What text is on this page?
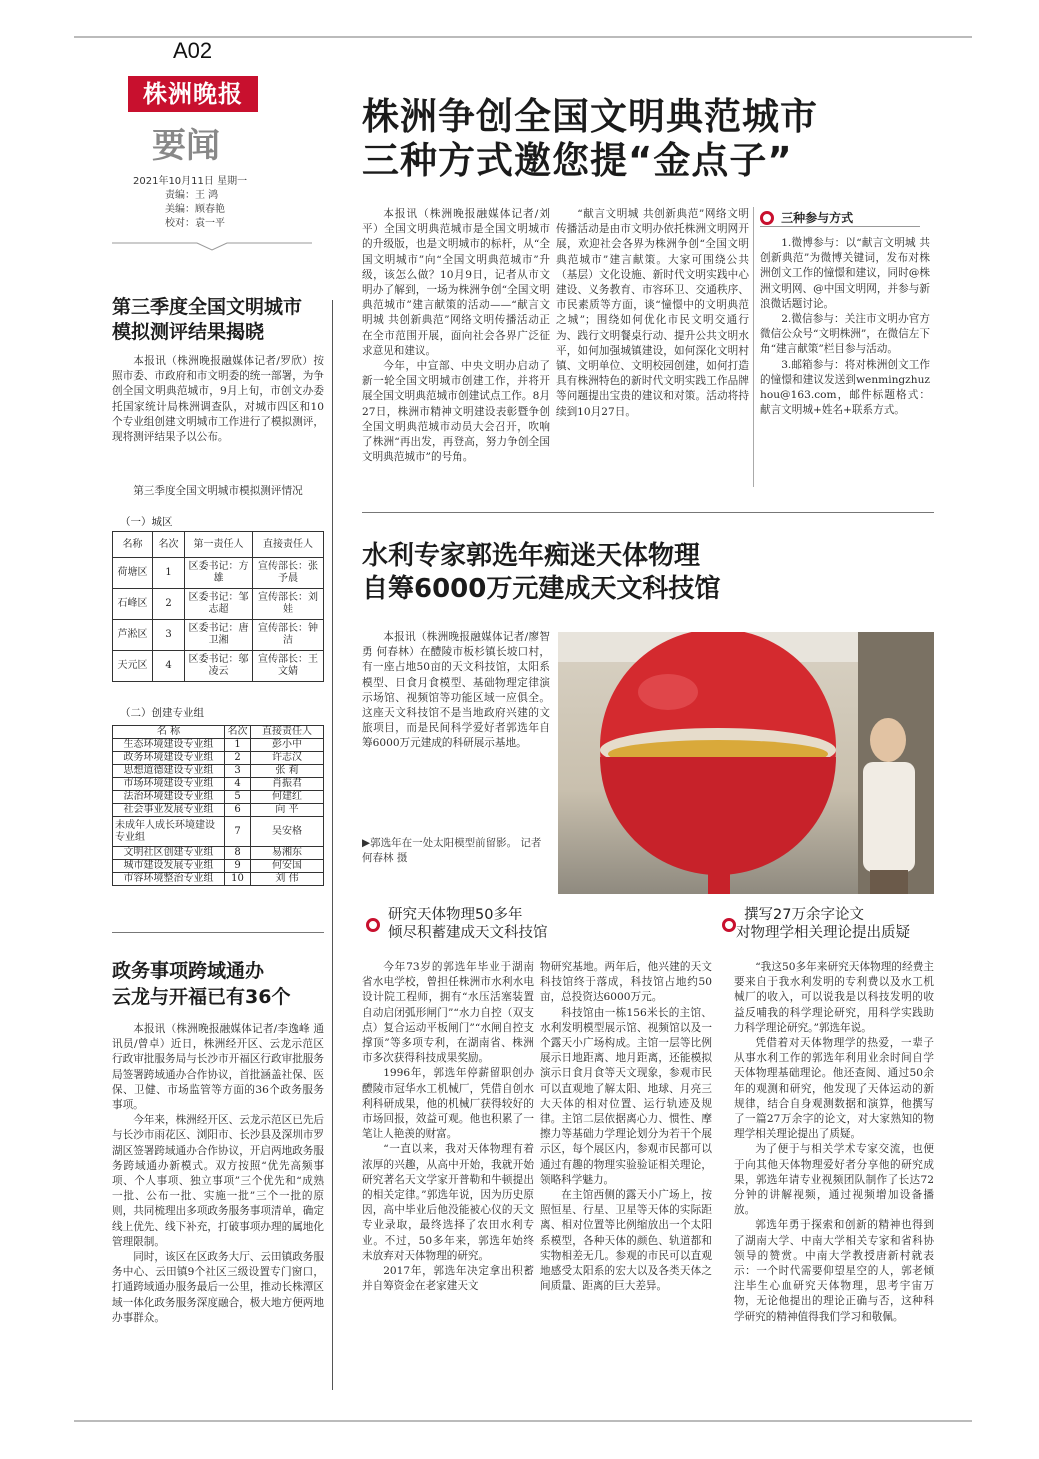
A02
株洲晚报
要闻
2021年10月11日 星期一
责编：王 鸿
美编：顾春艳
校对：袁一平
株洲争创全国文明典范城市
三种方式邀您提“金点子”

本报讯（株洲晚报融媒体记者/刘平）全国文明典范城市是全国文明城市的升级版，也是文明城市的标杆，从“全国文明城市”向“全国文明典范城市”升级，该怎么做？10月9日，记者从市文明办了解到，一场为株洲争创“全国文明典范城市”建言献策的活动——“献言文明城 共创新典范”网络文明传播活动正在全市范围开展，面向社会各界广泛征求意见和建议。

今年，中宣部、中央文明办启动了新一轮全国文明城市创建工作，并将开展全国文明典范城市创建试点工作。8月27日，株洲市精神文明建设表彰暨争创全国文明典范城市动员大会召开，吹响了株洲“再出发，再登高，努力争创全国文明典范城市”的号角。

“献言文明城 共创新典范”网络文明传播活动是由市文明办依托株洲文明网开展，欢迎社会各界为株洲争创“全国文明典范城市”建言献策。大家可围绕公共（基层）文化设施、新时代文明实践中心建设、义务教育、市容环卫、交通秩序、市民素质等方面，谈“憧憬中的文明典范之城”；围绕如何优化市民文明交通行为、践行文明餐桌行动、提升公共文明水平，如何加强城镇建设，如何深化文明村镇、文明单位、文明校园创建，如何打造具有株洲特色的新时代文明实践工作品牌等问题提出宝贵的建议和对策。活动将持续到10月27日。

三种参与方式

1.微博参与：以“献言文明城 共创新典范”为微博关键词，发布对株洲创文工作的憧憬和建议，同时@株洲文明网、@中国文明网，并参与新浪微话题讨论。

2.微信参与：关注市文明办官方微信公众号“文明株洲”，在微信左下角“建言献策”栏目参与活动。

3.邮箱参与：将对株洲创文工作的憧憬和建议发送到wenmingzhuzhou@163.com，邮件标题格式：献言文明城+姓名+联系方式。

第三季度全国文明城市
模拟测评结果揭晓
本报讯（株洲晚报融媒体记者/罗欣）按照市委、市政府和市文明委的统一部署，为争创全国文明典范城市，9月上旬，市创文办委托国家统计局株洲调查队，对城市四区和10个专业组创建文明城市工作进行了模拟测评，现将测评结果予以公布。
第三季度全国文明城市模拟测评情况
（一）城区
名称	名次	第一责任人	直接责任人
荷塘区	1	区委书记：方 雄	宣传部长：张予晨
石峰区	2	区委书记：邹志超	宣传部长：刘 娃
芦淞区	3	区委书记：唐卫湘	宣传部长：钟 洁
天元区	4	区委书记：邬凌云	宣传部长：王文婧
（二）创建专业组
名 称	名次	直接责任人
生态环境建设专业组	1	彭小中
政务环境建设专业组	2	许志汉
思想道德建设专业组	3	张 莉
市场环境建设专业组	4	肖振君
法治环境建设专业组	5	何建红
社会事业发展专业组	6	向 平
未成年人成长环境建设专业组	7	吴安格
文明社区创建专业组	8	易湘东
城市建设发展专业组	9	何安国
市容环境整治专业组	10	刘 伟
政务事项跨域通办
云龙与开福已有36个

本报讯（株洲晚报融媒体记者/李逸峰 通讯员/曾卓）近日，株洲经开区、云龙示范区行政审批服务局与长沙市开福区行政审批服务局签署跨域通办合作协议，首批涵盖社保、医保、卫健、市场监管等方面的36个政务服务事项。

今年来，株洲经开区、云龙示范区已先后与长沙市雨花区、浏阳市、长沙县及深圳市罗湖区签署跨域通办合作协议，开启两地政务服务跨域通办新模式。双方按照“优先高频事项、个人事项、独立事项”三个优先和“成熟一批、公布一批、实施一批”三个一批的原则，共同梳理出多项政务服务事项清单，确定线上优先、线下补充，打破事项办理的属地化管理限制。

同时，该区在区政务大厅、云田镇政务服务中心、云田镇9个社区三级设置专门窗口，打通跨域通办服务最后一公里，推动长株潭区域一体化政务服务深度融合，极大地方便两地办事群众。

水利专家郭选年痴迷天体物理
自筹6000万元建成天文科技馆
本报讯（株洲晚报融媒体记者/廖智勇 何春林）在醴陵市板杉镇长坡口村，有一座占地50亩的天文科技馆，太阳系模型、日食月食模型、基础物理定律演示场馆、视频馆等功能区域一应俱全。这座天文科技馆不是当地政府兴建的文旅项目，而是民间科学爱好者郭选年自筹6000万元建成的科研展示基地。
▶郭选年在一处太阳模型前留影。 记者 何春林 摄
研究天体物理50多年
倾尽积蓄建成天文科技馆
撰写27万余字论文
对物理学相关理论提出质疑

今年73岁的郭选年毕业于湖南省水电学校，曾担任株洲市水利水电设计院工程师，拥有“水压活塞装置自动启闭弧形闸门”“水力自控（双支点）复合运动平板闸门”“水闸自控支撑顶”等多项专利，在湖南省、株洲市多次获得科技成果奖励。

1996年，郭选年停薪留职创办醴陵市冠华水工机械厂，凭借自创水利科研成果，他的机械厂获得较好的市场回报，效益可观。他也积累了一笔让人艳羡的财富。

“一直以来，我对天体物理有着浓厚的兴趣，从高中开始，我就开始研究著名天文学家开普勒和牛顿提出的相关定律。”郭选年说，因为历史原因，高中毕业后他没能被心仪的天文专业录取，最终选择了农田水利专业。不过，50多年来，郭选年始终未放弃对天体物理的研究。

2017年，郭选年决定拿出积蓄并自筹资金在老家建天文

物研究基地。两年后，他兴建的天文科技馆终于落成，科技馆占地约50亩，总投资达6000万元。

科技馆由一栋156米长的主馆、水利发明模型展示馆、视频馆以及一个露天小广场构成。主馆一层等比例展示日地距离、地月距离，还能模拟演示日食月食等天文现象，参观市民可以直观地了解太阳、地球、月亮三大天体的相对位置、运行轨迹及规律。主馆二层依据离心力、惯性、摩擦力等基础力学理论划分为若干个展示区，每个展区内，参观市民都可以通过有趣的物理实验验证相关理论，领略科学魅力。

在主馆西侧的露天小广场上，按照恒星、行星、卫星等天体的实际距离、相对位置等比例缩放出一个太阳系模型，各种天体的颜色、轨道都和实物相差无几。参观的市民可以直观地感受太阳系的宏大以及各类天体之间质量、距离的巨大差异。

“我这50多年来研究天体物理的经费主要来自于我水利发明的专利费以及水工机械厂的收入，可以说我是以科技发明的收益反哺我的科学理论研究，用科学实践助力科学理论研究。”郭选年说。

凭借着对天体物理学的热爱，一辈子从事水利工作的郭选年利用业余时间自学天体物理基础理论。他还查阅、通过50余年的观测和研究，他发现了天体运动的新规律，结合自身观测数据和演算，他撰写了一篇27万余字的论文，对大家熟知的物理学相关理论提出了质疑。

为了便于与相关学术专家交流，也便于向其他天体物理爱好者分享他的研究成果，郭选年请专业视频团队制作了长达72分钟的讲解视频，通过视频增加设备播放。

郭选年勇于探索和创新的精神也得到了湖南大学、中南大学相关专家和省科协领导的赞赏。中南大学教授唐新村就表示：一个时代需要仰望星空的人，郭老倾注毕生心血研究天体物理，思考宇宙万物，无论他提出的理论正确与否，这种科学研究的精神值得我们学习和敬佩。
